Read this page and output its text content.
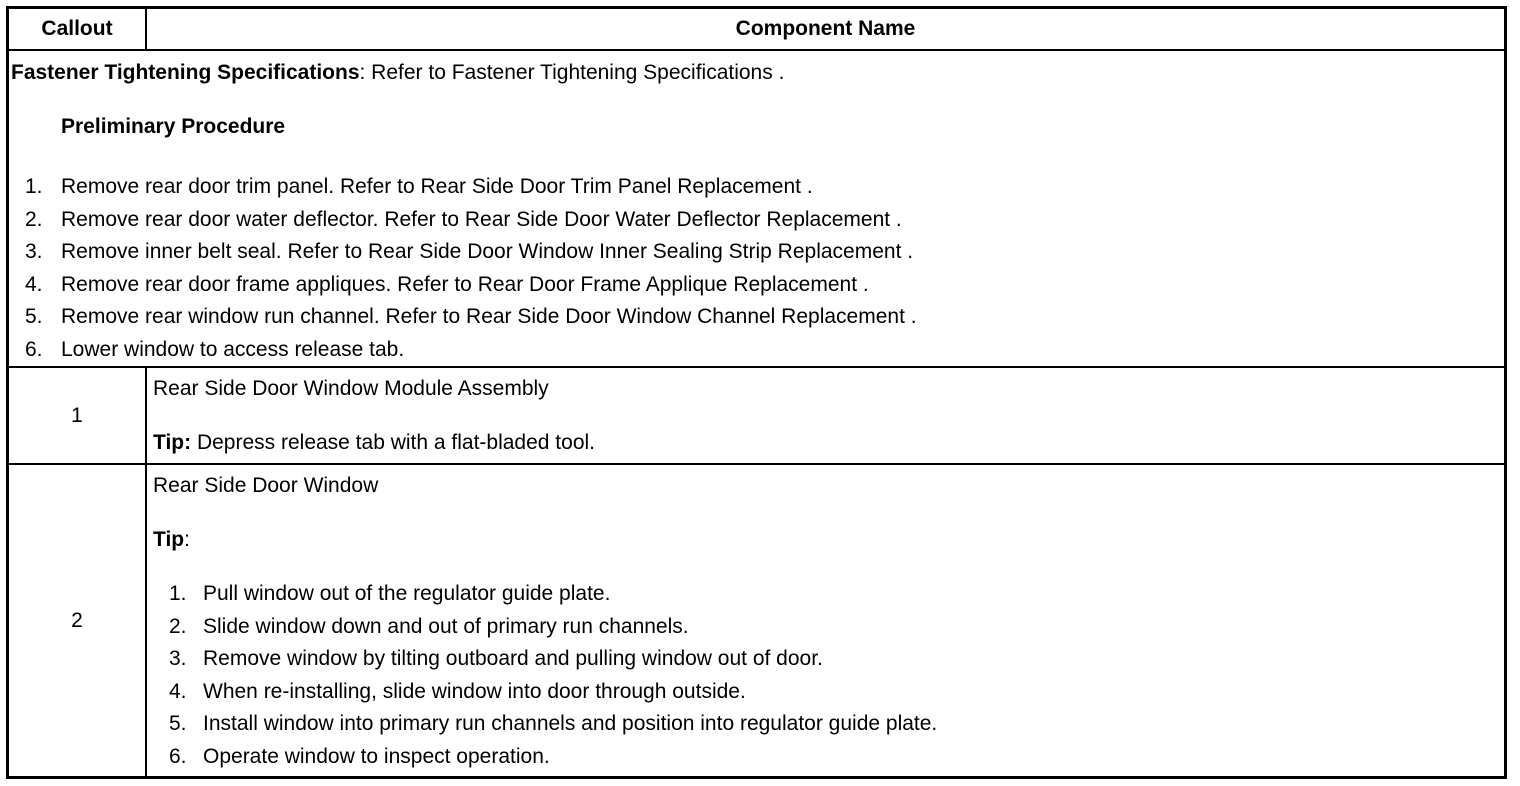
Callout	Component Name
Fastener Tightening Specifications: Refer to Fastener Tightening Specifications .
Preliminary Procedure
1. Remove rear door trim panel. Refer to Rear Side Door Trim Panel Replacement .
2. Remove rear door water deflector. Refer to Rear Side Door Water Deflector Replacement .
3. Remove inner belt seal. Refer to Rear Side Door Window Inner Sealing Strip Replacement .
4. Remove rear door frame appliques. Refer to Rear Door Frame Applique Replacement .
5. Remove rear window run channel. Refer to Rear Side Door Window Channel Replacement .
6. Lower window to access release tab.
1
Rear Side Door Window Module Assembly
Tip: Depress release tab with a flat-bladed tool.
2
Rear Side Door Window
Tip:
1. Pull window out of the regulator guide plate.
2. Slide window down and out of primary run channels.
3. Remove window by tilting outboard and pulling window out of door.
4. When re-installing, slide window into door through outside.
5. Install window into primary run channels and position into regulator guide plate.
6. Operate window to inspect operation.
